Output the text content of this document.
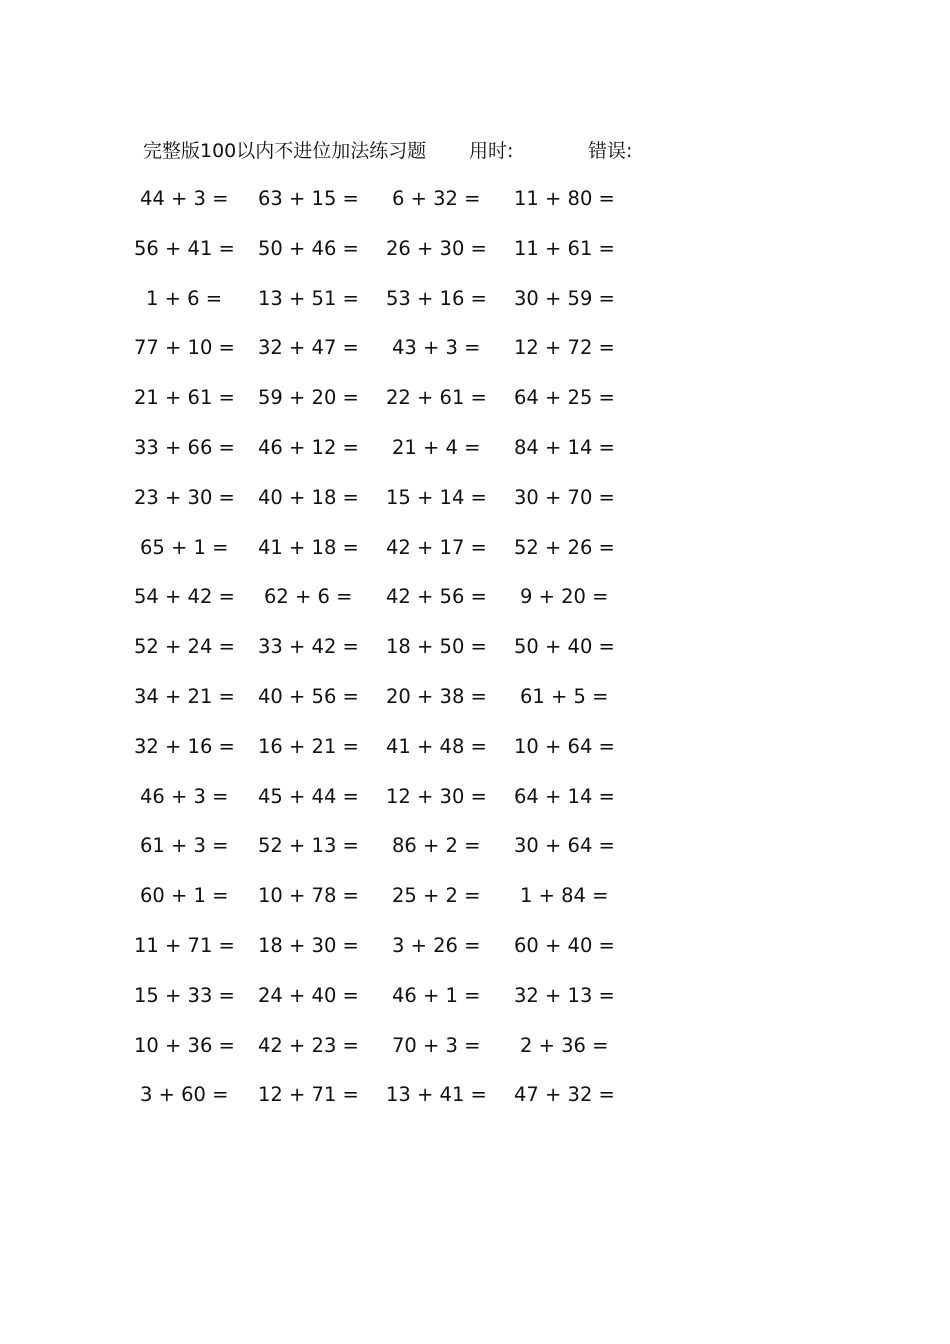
完整版100以内不进位加法练习题 用时:	错误:
44 + 3 = 63 + 15 = 6 + 32 = 11 + 80 =
56 + 41 = 50 + 46 = 26 + 30 = 11 + 61 =
1 + 6 = 13 + 51 = 53 + 16 = 30 + 59 =
77 + 10 = 32 + 47 = 43 + 3 = 12 + 72 =
21 + 61 = 59 + 20 = 22 + 61 = 64 + 25 =
33 + 66 = 46 + 12 = 21 + 4 = 84 + 14 =
23 + 30 = 40 + 18 = 15 + 14 = 30 + 70 =
65 + 1 = 41 + 18 = 42 + 17 = 52 + 26 =
54 + 42 = 62 + 6 = 42 + 56 = 9 + 20 =
52 + 24 = 33 + 42 = 18 + 50 = 50 + 40 =
34 + 21 = 40 + 56 = 20 + 38 = 61 + 5 =
32 + 16 = 16 + 21 = 41 + 48 = 10 + 64 =
46 + 3 = 45 + 44 = 12 + 30 = 64 + 14 =
61 + 3 = 52 + 13 = 86 + 2 = 30 + 64 =
60 + 1 = 10 + 78 = 25 + 2 = 1 + 84 =
11 + 71 = 18 + 30 = 3 + 26 = 60 + 40 =
15 + 33 = 24 + 40 = 46 + 1 = 32 + 13 =
10 + 36 = 42 + 23 = 70 + 3 = 2 + 36 =
3 + 60 = 12 + 71 = 13 + 41 = 47 + 32 =
